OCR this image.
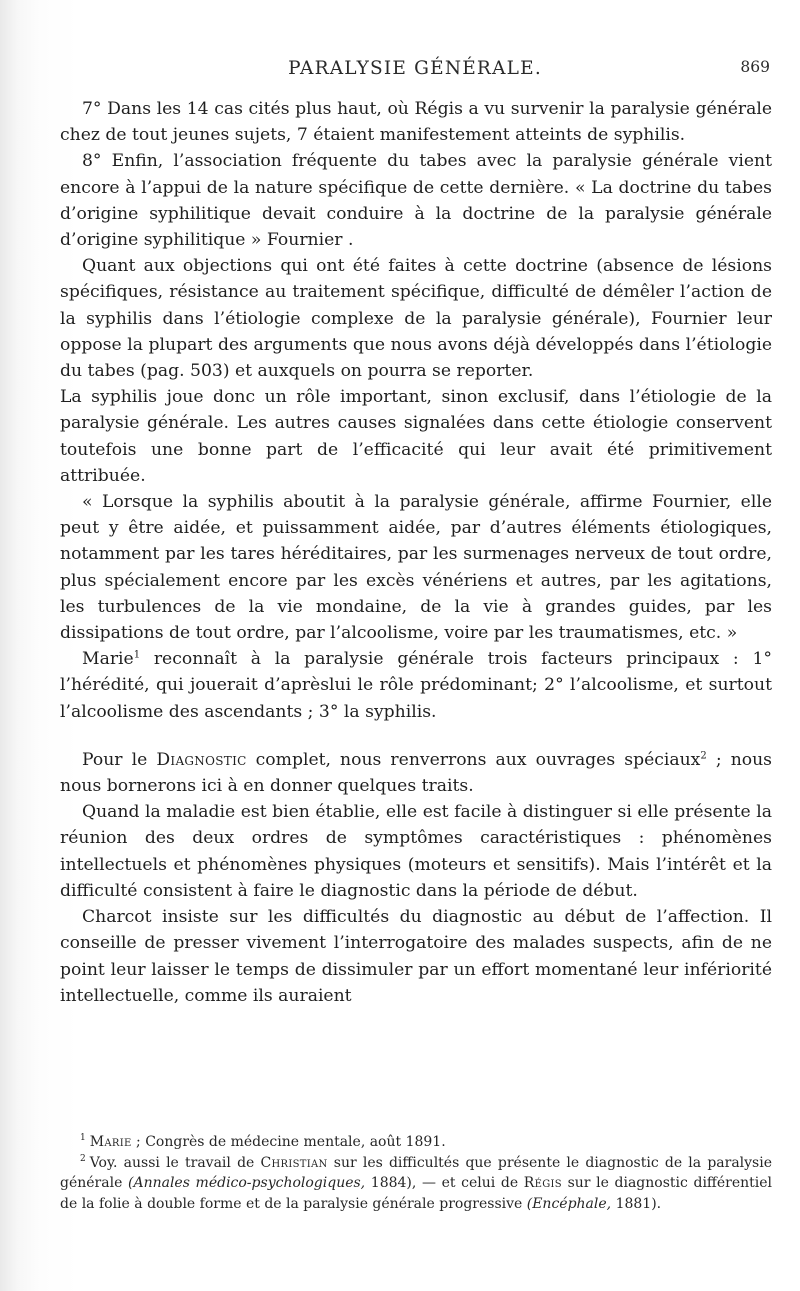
PARALYSIE GÉNÉRALE.	869

7° Dans les 14 cas cités plus haut, où Régis a vu survenir la paralysie générale chez de tout jeunes sujets, 7 étaient manifestement atteints de syphilis.

8° Enfin, l’association fréquente du tabes avec la paralysie générale vient encore à l’appui de la nature spécifique de cette dernière. « La doctrine du tabes d’origine syphilitique devait conduire à la doctrine de la paralysie générale d’origine syphilitique » Fournier .

Quant aux objections qui ont été faites à cette doctrine (absence de lésions spécifiques, résistance au traitement spécifique, difficulté de démêler l’action de la syphilis dans l’étiologie complexe de la paralysie générale), Fournier leur oppose la plupart des arguments que nous avons déjà développés dans l’étiologie du tabes (pag. 503) et auxquels on pourra se reporter.

La syphilis joue donc un rôle important, sinon exclusif, dans l’étiologie de la paralysie générale. Les autres causes signalées dans cette étiologie conservent toutefois une bonne part de l’efficacité qui leur avait été primitivement attribuée.

« Lorsque la syphilis aboutit à la paralysie générale, affirme Fournier, elle peut y être aidée, et puissamment aidée, par d’autres éléments étiologiques, notamment par les tares héréditaires, par les surmenages nerveux de tout ordre, plus spécialement encore par les excès vénériens et autres, par les agitations, les turbulences de la vie mondaine, de la vie à grandes guides, par les dissipations de tout ordre, par l’alcoolisme, voire par les traumatismes, etc. »

Marie$^1$ reconnaît à la paralysie générale trois facteurs principaux : 1° l’hérédité, qui jouerait d’aprèslui le rôle prédominant; 2° l’alcoolisme, et surtout l’alcoolisme des ascendants ; 3° la syphilis.

Pour le Diagnostic complet, nous renverrons aux ouvrages spéciaux$^2$ ; nous nous bornerons ici à en donner quelques traits.

Quand la maladie est bien établie, elle est facile à distinguer si elle présente la réunion des deux ordres de symptômes caractéristiques : phénomènes intellectuels et phénomènes physiques (moteurs et sensitifs). Mais l’intérêt et la difficulté consistent à faire le diagnostic dans la période de début.

Charcot insiste sur les difficultés du diagnostic au début de l’affection. Il conseille de presser vivement l’interrogatoire des malades suspects, afin de ne point leur laisser le temps de dissimuler par un effort momentané leur infériorité intellectuelle, comme ils auraient

$^1$ Marie ; Congrès de médecine mentale, août 1891.

$^2$ Voy. aussi le travail de Christian sur les difficultés que présente le diagnostic de la paralysie générale (Annales médico-psychologiques, 1884), — et celui de Régis sur le diagnostic différentiel de la folie à double forme et de la paralysie générale progressive (Encéphale, 1881).
